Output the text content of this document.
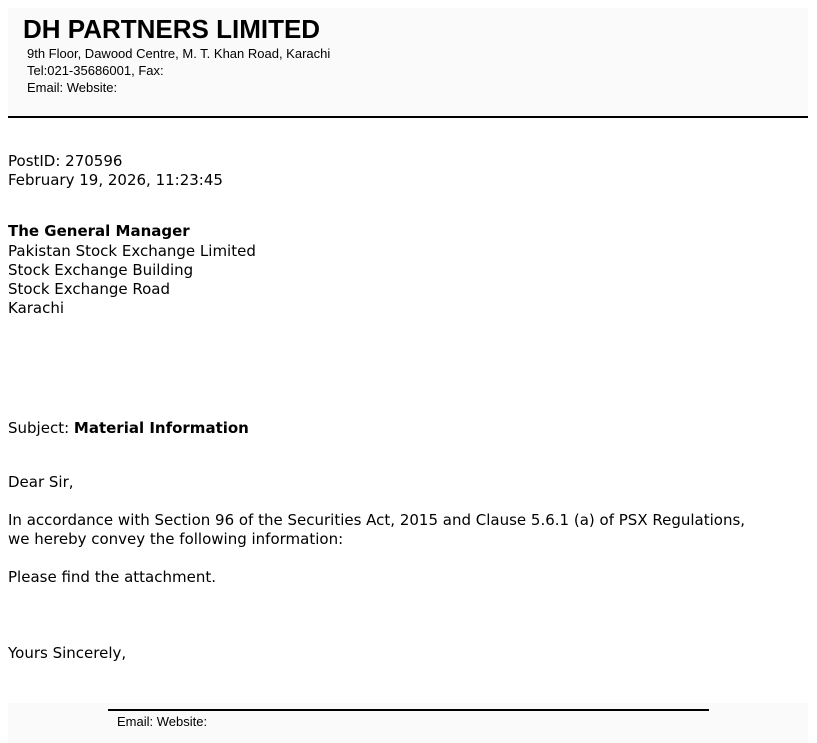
DH PARTNERS LIMITED
9th Floor, Dawood Centre, M. T. Khan Road, Karachi
Tel:021-35686001, Fax:
Email: Website:
PostID: 270596
February 19, 2026, 11:23:45
The General Manager
Pakistan Stock Exchange Limited
Stock Exchange Building
Stock Exchange Road
Karachi
Subject: Material Information
Dear Sir,
In accordance with Section 96 of the Securities Act, 2015 and Clause 5.6.1 (a) of PSX Regulations,
we hereby convey the following information:
Please find the attachment.
Yours Sincerely,
Email: Website:
